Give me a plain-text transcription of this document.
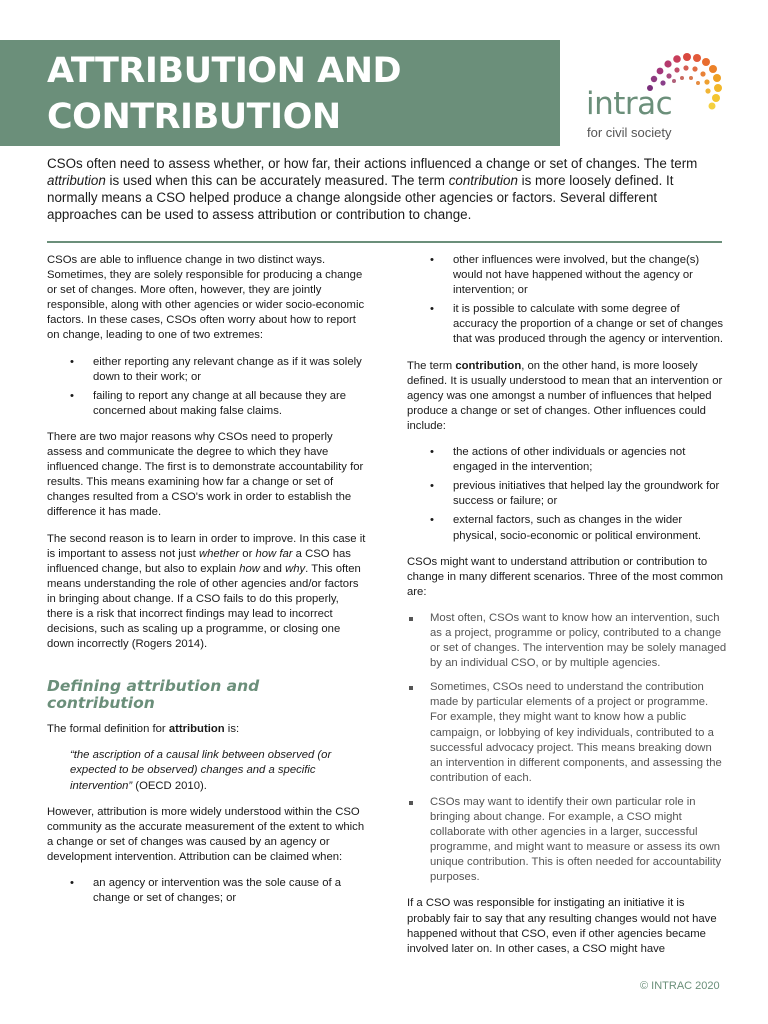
ATTRIBUTION AND
CONTRIBUTION	intrac
for civil society

CSOs often need to assess whether, or how far, their actions influenced a change or set of changes. The term attribution is used when this can be accurately measured. The term contribution is more loosely defined. It normally means a CSO helped produce a change alongside other agencies or factors. Several different approaches can be used to assess attribution or contribution to change.

CSOs are able to influence change in two distinct ways. Sometimes, they are solely responsible for producing a change or set of changes. More often, however, they are jointly responsible, along with other agencies or wider socio-economic factors. In these cases, CSOs often worry about how to report on change, leading to one of two extremes:

• either reporting any relevant change as if it was solely down to their work; or
• failing to report any change at all because they are concerned about making false claims.

There are two major reasons why CSOs need to properly assess and communicate the degree to which they have influenced change. The first is to demonstrate accountability for results. This means examining how far a change or set of changes resulted from a CSO's work in order to establish the difference it has made.

The second reason is to learn in order to improve. In this case it is important to assess not just whether or how far a CSO has influenced change, but also to explain how and why. This often means understanding the role of other agencies and/or factors in bringing about change. If a CSO fails to do this properly, there is a risk that incorrect findings may lead to incorrect decisions, such as scaling up a programme, or closing one down incorrectly (Rogers 2014).

Defining attribution and contribution

The formal definition for attribution is:

“the ascription of a causal link between observed (or expected to be observed) changes and a specific intervention” (OECD 2010).

However, attribution is more widely understood within the CSO community as the accurate measurement of the extent to which a change or set of changes was caused by an agency or development intervention. Attribution can be claimed when:

• an agency or intervention was the sole cause of a change or set of changes; or
• other influences were involved, but the change(s) would not have happened without the agency or intervention; or
• it is possible to calculate with some degree of accuracy the proportion of a change or set of changes that was produced through the agency or intervention.

The term contribution, on the other hand, is more loosely defined. It is usually understood to mean that an intervention or agency was one amongst a number of influences that helped produce a change or set of changes. Other influences could include:

• the actions of other individuals or agencies not engaged in the intervention;
• previous initiatives that helped lay the groundwork for success or failure; or
• external factors, such as changes in the wider physical, socio-economic or political environment.

CSOs might want to understand attribution or contribution to change in many different scenarios. Three of the most common are:

Most often, CSOs want to know how an intervention, such as a project, programme or policy, contributed to a change or set of changes. The intervention may be solely managed by an individual CSO, or by multiple agencies.
Sometimes, CSOs need to understand the contribution made by particular elements of a project or programme. For example, they might want to know how a public campaign, or lobbying of key individuals, contributed to a successful advocacy project. This means breaking down an intervention in different components, and assessing the contribution of each.
CSOs may want to identify their own particular role in bringing about change. For example, a CSO might collaborate with other agencies in a larger, successful programme, and might want to measure or assess its own unique contribution. This is often needed for accountability purposes.

If a CSO was responsible for instigating an initiative it is probably fair to say that any resulting changes would not have happened without that CSO, even if other agencies became involved later on. In other cases, a CSO might have

© INTRAC 2020
